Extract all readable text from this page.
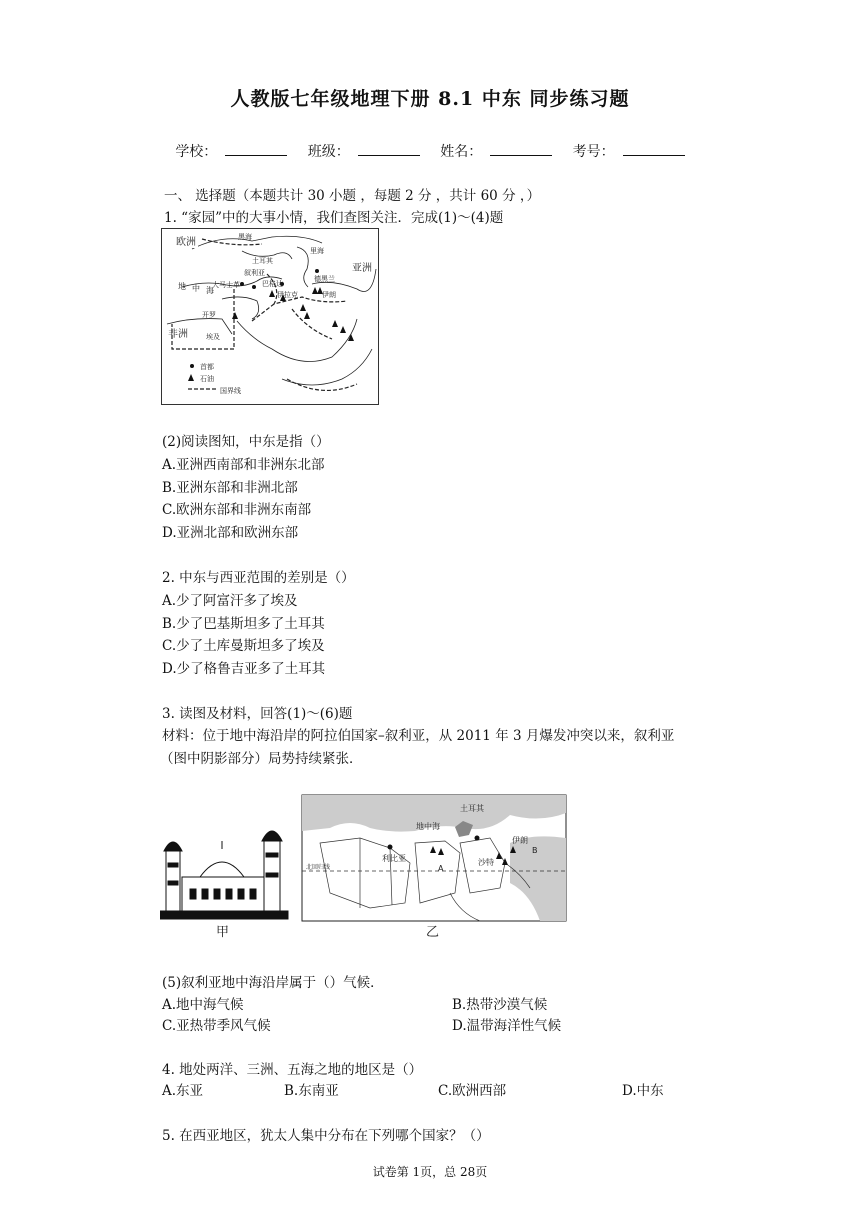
人教版七年级地理下册 8.1 中东 同步练习题
学校：	班级：	姓名：	考号：
一、 选择题（本题共计 30 小题 ，每题 2 分 ，共计 60 分 ，）
1. “家园”中的大事小情，我们查图关注．完成(1)～(4)题
欧洲
亚洲
非洲
黑海
里海
地 中 海
土耳其
叙利亚
巴格达
德黑兰
伊朗
伊拉克
大马士革
开罗
埃及
首都
石油
国界线
(2)阅读图知，中东是指（）
A.亚洲西南部和非洲东北部
B.亚洲东部和非洲北部
C.欧洲东部和非洲东南部
D.亚洲北部和欧洲东部
2. 中东与西亚范围的差别是（）
A.少了阿富汗多了埃及
B.少了巴基斯坦多了土耳其
C.少了土库曼斯坦多了埃及
D.少了格鲁吉亚多了土耳其
3. 读图及材料，回答(1)～(6)题
材料：位于地中海沿岸的阿拉伯国家–叙利亚，从 2011 年 3 月爆发冲突以来，叙利亚
（图中阴影部分）局势持续紧张．
甲
土耳其
利比亚
伊朗
地中海
北回归线
沙特
B
A
乙
(5)叙利亚地中海沿岸属于（）气候．
A.地中海气候	B.热带沙漠气候
C.亚热带季风气候	D.温带海洋性气候
4. 地处两洋、三洲、五海之地的地区是（）
A.东亚	B.东南亚	C.欧洲西部	D.中东
5. 在西亚地区，犹太人集中分布在下列哪个国家？（）
试卷第 1页，总 28页
